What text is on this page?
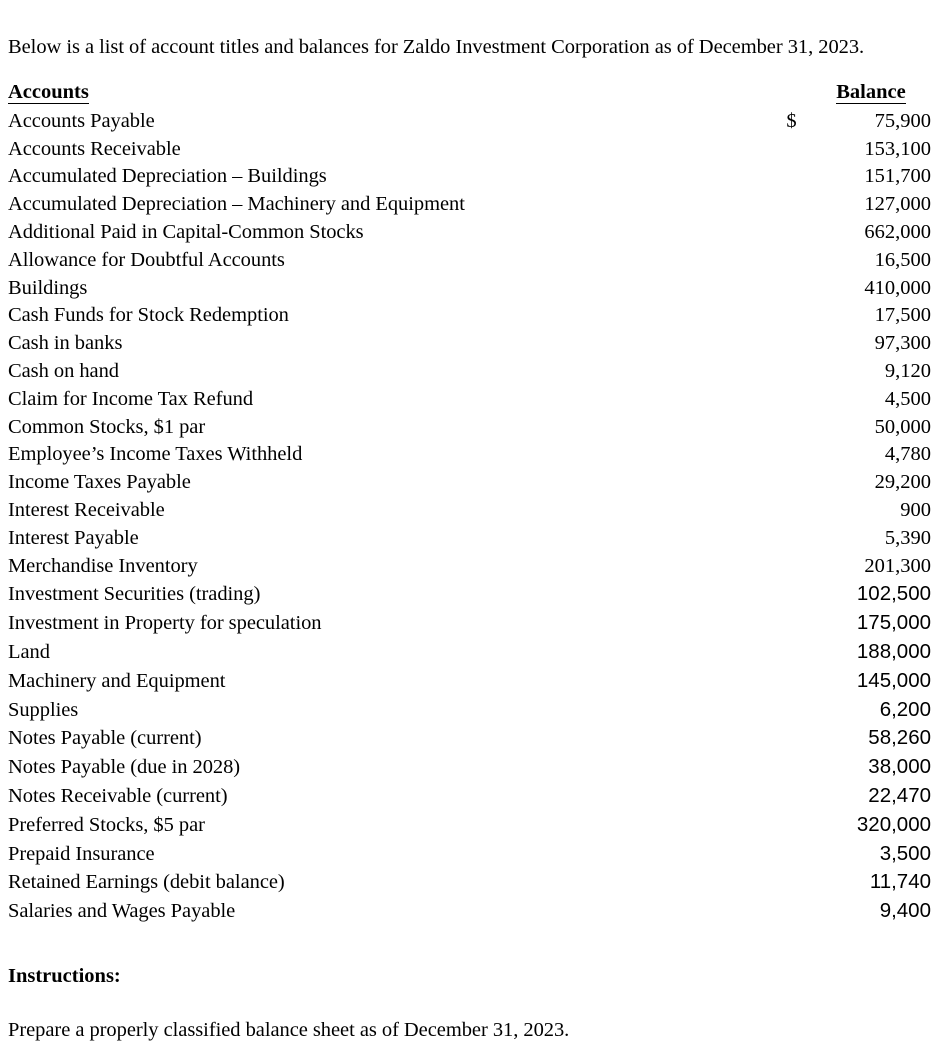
Below is a list of account titles and balances for Zaldo Investment Corporation as of December 31, 2023.

Accounts		Balance
Accounts Payable	$	75,900
Accounts Receivable		153,100
Accumulated Depreciation – Buildings		151,700
Accumulated Depreciation – Machinery and Equipment		127,000
Additional Paid in Capital-Common Stocks		662,000
Allowance for Doubtful Accounts		16,500
Buildings		410,000
Cash Funds for Stock Redemption		17,500
Cash in banks		97,300
Cash on hand		9,120
Claim for Income Tax Refund		4,500
Common Stocks, $1 par		50,000
Employee’s Income Taxes Withheld		4,780
Income Taxes Payable		29,200
Interest Receivable		900
Interest Payable		5,390
Merchandise Inventory		201,300
Investment Securities (trading)		102,500
Investment in Property for speculation		175,000
Land		188,000
Machinery and Equipment		145,000
Supplies		6,200
Notes Payable (current)		58,260
Notes Payable (due in 2028)		38,000
Notes Receivable (current)		22,470
Preferred Stocks, $5 par		320,000
Prepaid Insurance		3,500
Retained Earnings (debit balance)		11,740
Salaries and Wages Payable		9,400

Instructions:

Prepare a properly classified balance sheet as of December 31, 2023.
